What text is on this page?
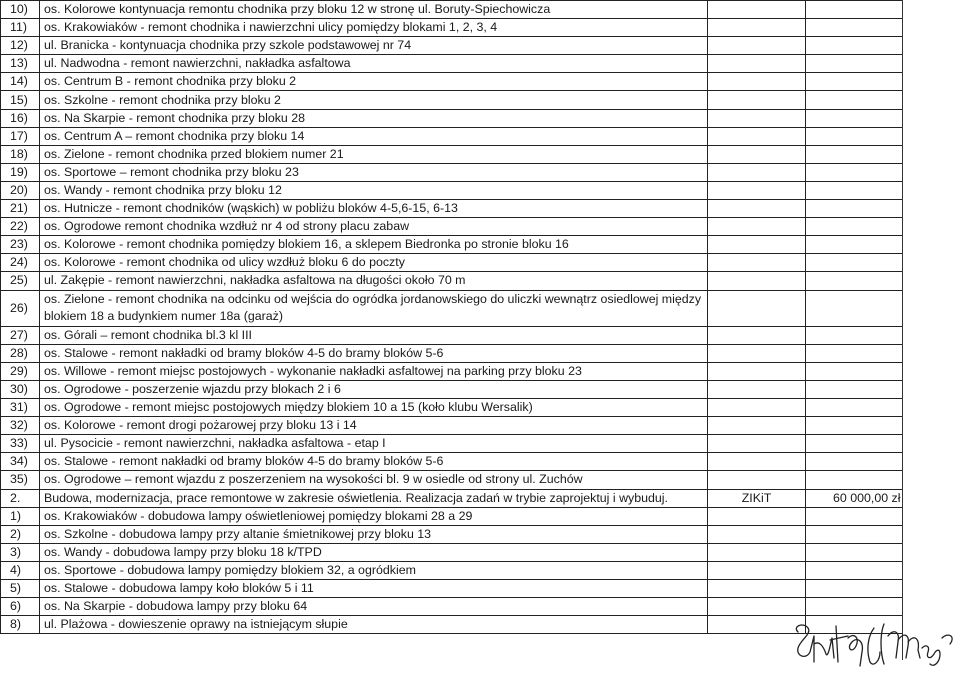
10)	os. Kolorowe kontynuacja remontu chodnika przy bloku 12 w stronę ul. Boruty-Spiechowicza		
11)	os. Krakowiaków - remont chodnika i nawierzchni ulicy pomiędzy blokami 1, 2, 3, 4		
12)	ul. Branicka - kontynuacja chodnika przy szkole podstawowej nr 74		
13)	ul. Nadwodna - remont nawierzchni, nakładka asfaltowa		
14)	os. Centrum B - remont chodnika przy bloku 2		
15)	os. Szkolne - remont chodnika przy bloku 2		
16)	os. Na Skarpie - remont chodnika przy bloku 28		
17)	os. Centrum A – remont chodnika przy bloku 14		
18)	os. Zielone - remont chodnika przed blokiem numer 21		
19)	os. Sportowe – remont chodnika przy bloku 23		
20)	os. Wandy - remont chodnika przy bloku 12		
21)	os. Hutnicze - remont chodników (wąskich) w pobliżu bloków 4-5,6-15, 6-13		
22)	os. Ogrodowe remont chodnika wzdłuż nr 4 od strony placu zabaw		
23)	os. Kolorowe - remont chodnika pomiędzy blokiem 16, a sklepem Biedronka po stronie bloku 16		
24)	os. Kolorowe - remont chodnika od ulicy wzdłuż bloku 6 do poczty		
25)	ul. Zakępie - remont nawierzchni, nakładka asfaltowa na długości około 70 m		
26)	os. Zielone - remont chodnika na odcinku od wejścia do ogródka jordanowskiego do uliczki wewnątrz osiedlowej między blokiem 18 a budynkiem numer 18a (garaż)		
27)	os. Górali – remont chodnika bl.3 kl III		
28)	os. Stalowe - remont nakładki od bramy bloków 4-5 do bramy bloków 5-6		
29)	os. Willowe - remont miejsc postojowych - wykonanie nakładki asfaltowej na parking przy bloku 23		
30)	os. Ogrodowe - poszerzenie wjazdu przy blokach 2 i 6		
31)	os. Ogrodowe - remont miejsc postojowych między blokiem 10 a 15 (koło klubu Wersalik)		
32)	os. Kolorowe - remont drogi pożarowej przy bloku 13 i 14		
33)	ul. Pysocicie - remont nawierzchni, nakładka asfaltowa - etap I		
34)	os. Stalowe - remont nakładki od bramy bloków 4-5 do bramy bloków 5-6		
35)	os. Ogrodowe – remont wjazdu z poszerzeniem na wysokości bl. 9 w osiedle od strony ul. Zuchów		
2.	Budowa, modernizacja, prace remontowe w zakresie oświetlenia. Realizacja zadań w trybie zaprojektuj i wybuduj.	ZIKiT	60 000,00 zł
1)	os. Krakowiaków - dobudowa lampy oświetleniowej pomiędzy blokami 28 a 29		
2)	os. Szkolne - dobudowa lampy przy altanie śmietnikowej przy bloku 13		
3)	os. Wandy - dobudowa lampy przy bloku 18 k/TPD		
4)	os. Sportowe - dobudowa lampy pomiędzy blokiem 32, a ogródkiem		
5)	os. Stalowe - dobudowa lampy koło bloków 5 i 11		
6)	os. Na Skarpie - dobudowa lampy przy bloku 64		
8)	ul. Plażowa - dowieszenie oprawy na istniejącym słupie		
